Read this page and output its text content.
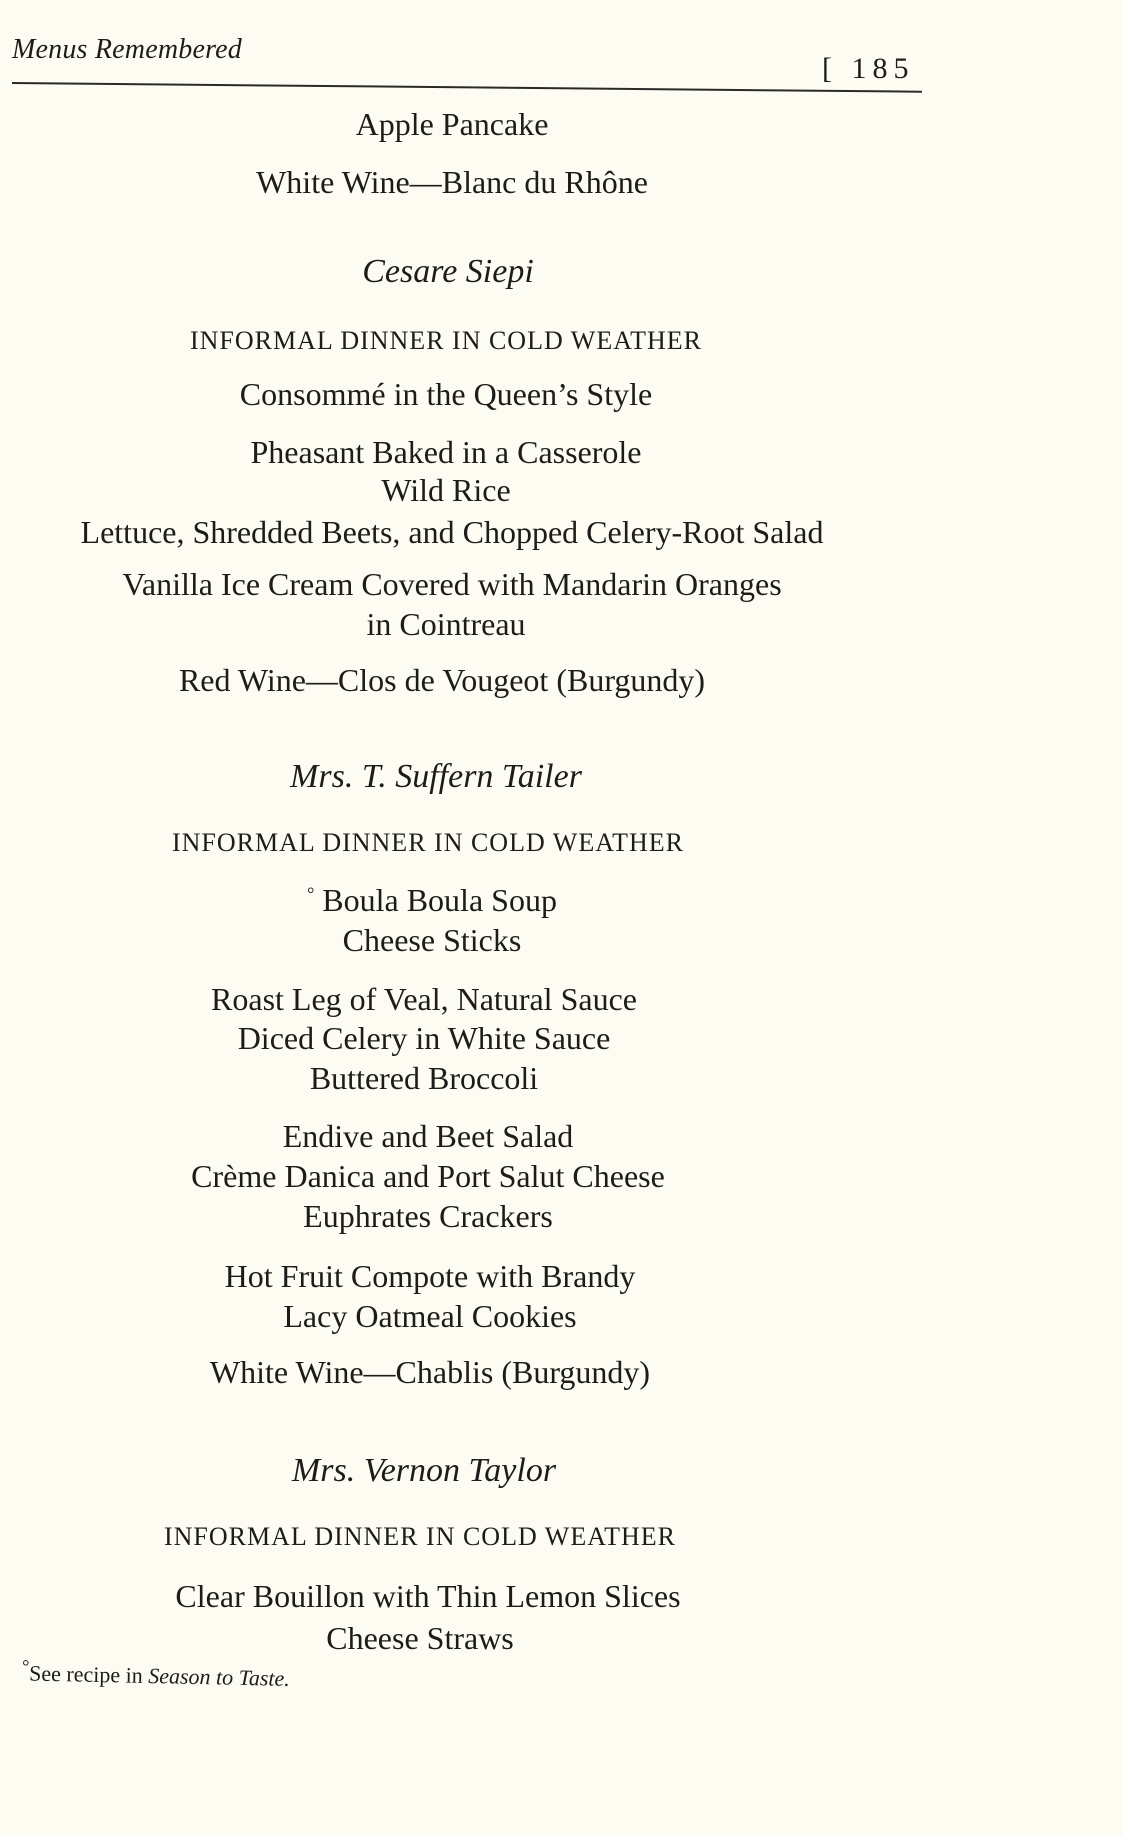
Menus Remembered
[ 185
Apple Pancake
White Wine—Blanc du Rhône
Cesare Siepi
INFORMAL DINNER IN COLD WEATHER
Consommé in the Queen’s Style
Pheasant Baked in a Casserole
Wild Rice
Lettuce, Shredded Beets, and Chopped Celery-Root Salad
Vanilla Ice Cream Covered with Mandarin Oranges
in Cointreau
Red Wine—Clos de Vougeot (Burgundy)
Mrs. T. Suffern Tailer
INFORMAL DINNER IN COLD WEATHER
° Boula Boula Soup
Cheese Sticks
Roast Leg of Veal, Natural Sauce
Diced Celery in White Sauce
Buttered Broccoli
Endive and Beet Salad
Crème Danica and Port Salut Cheese
Euphrates Crackers
Hot Fruit Compote with Brandy
Lacy Oatmeal Cookies
White Wine—Chablis (Burgundy)
Mrs. Vernon Taylor
INFORMAL DINNER IN COLD WEATHER
Clear Bouillon with Thin Lemon Slices
Cheese Straws
°See recipe in Season to Taste.
